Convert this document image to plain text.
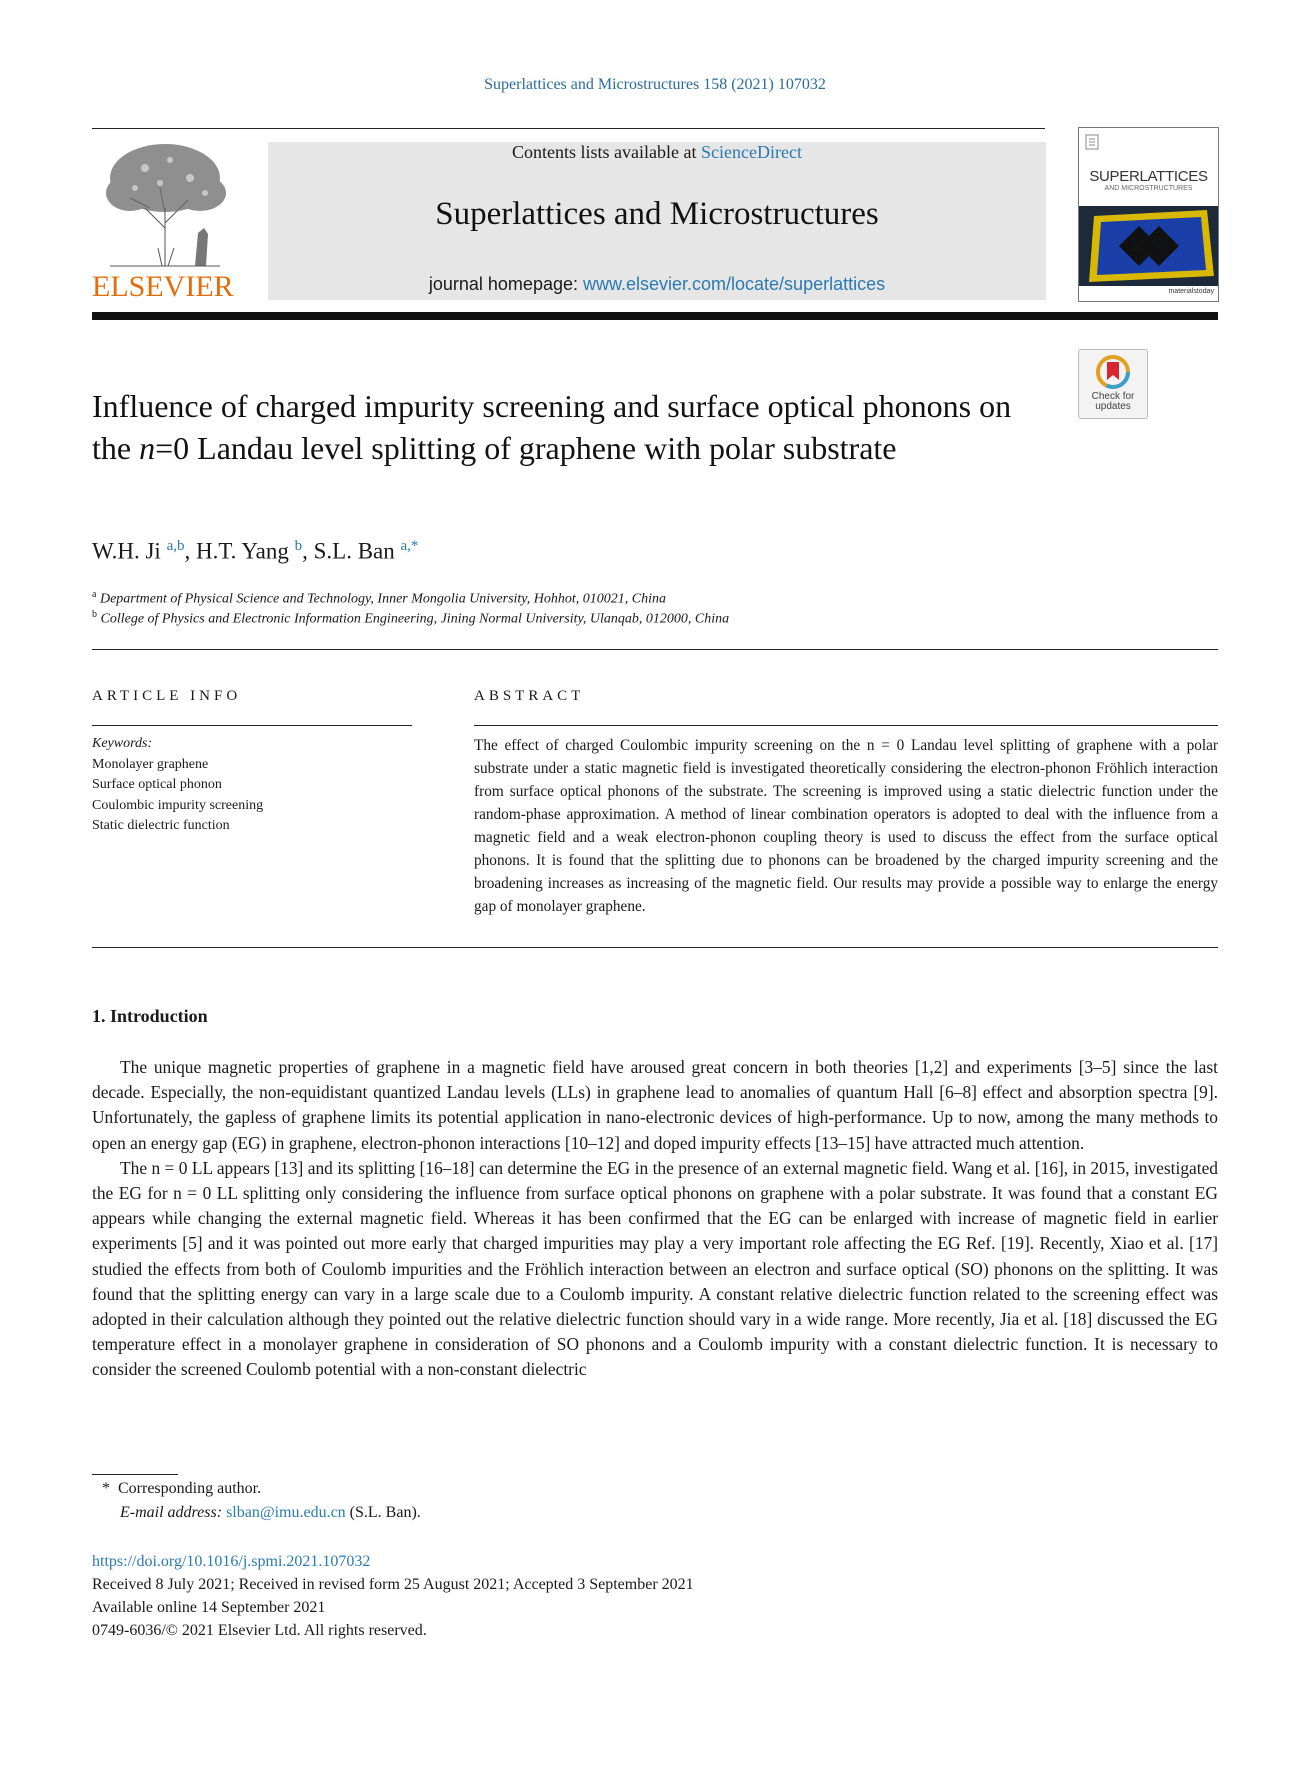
Superlattices and Microstructures 158 (2021) 107032
ELSEVIER
Contents lists available at ScienceDirect
Superlattices and Microstructures
journal homepage: www.elsevier.com/locate/superlattices
SUPERLATTICES
AND MICROSTRUCTURES
materialstoday
Check for updates
Influence of charged impurity screening and surface optical phonons on the n=0 Landau level splitting of graphene with polar substrate
W.H. Ji $^{a,b}$, H.T. Yang $^b$, S.L. Ban $^{a,*}$
$^a$ Department of Physical Science and Technology, Inner Mongolia University, Hohhot, 010021, China
$^b$ College of Physics and Electronic Information Engineering, Jining Normal University, Ulanqab, 012000, China
ARTICLE INFO
Keywords:
Monolayer graphene
Surface optical phonon
Coulombic impurity screening
Static dielectric function
ABSTRACT
The effect of charged Coulombic impurity screening on the n = 0 Landau level splitting of graphene with a polar substrate under a static magnetic field is investigated theoretically considering the electron-phonon Fröhlich interaction from surface optical phonons of the substrate. The screening is improved using a static dielectric function under the random-phase approximation. A method of linear combination operators is adopted to deal with the influence from a magnetic field and a weak electron-phonon coupling theory is used to discuss the effect from the surface optical phonons. It is found that the splitting due to phonons can be broadened by the charged impurity screening and the broadening increases as increasing of the magnetic field. Our results may provide a possible way to enlarge the energy gap of monolayer graphene.
1. Introduction

The unique magnetic properties of graphene in a magnetic field have aroused great concern in both theories [1,2] and experiments [3–5] since the last decade. Especially, the non-equidistant quantized Landau levels (LLs) in graphene lead to anomalies of quantum Hall [6–8] effect and absorption spectra [9]. Unfortunately, the gapless of graphene limits its potential application in nano-electronic devices of high-performance. Up to now, among the many methods to open an energy gap (EG) in graphene, electron-phonon interactions [10–12] and doped impurity effects [13–15] have attracted much attention.

The n = 0 LL appears [13] and its splitting [16–18] can determine the EG in the presence of an external magnetic field. Wang et al. [16], in 2015, investigated the EG for n = 0 LL splitting only considering the influence from surface optical phonons on graphene with a polar substrate. It was found that a constant EG appears while changing the external magnetic field. Whereas it has been confirmed that the EG can be enlarged with increase of magnetic field in earlier experiments [5] and it was pointed out more early that charged impurities may play a very important role affecting the EG Ref. [19]. Recently, Xiao et al. [17] studied the effects from both of Coulomb impurities and the Fröhlich interaction between an electron and surface optical (SO) phonons on the splitting. It was found that the splitting energy can vary in a large scale due to a Coulomb impurity. A constant relative dielectric function related to the screening effect was adopted in their calculation although they pointed out the relative dielectric function should vary in a wide range. More recently, Jia et al. [18] discussed the EG temperature effect in a monolayer graphene in consideration of SO phonons and a Coulomb impurity with a constant dielectric function. It is necessary to consider the screened Coulomb potential with a non-constant dielectric

* Corresponding author.
E-mail address: slban@imu.edu.cn (S.L. Ban).
https://doi.org/10.1016/j.spmi.2021.107032
Received 8 July 2021; Received in revised form 25 August 2021; Accepted 3 September 2021
Available online 14 September 2021
0749-6036/© 2021 Elsevier Ltd. All rights reserved.
